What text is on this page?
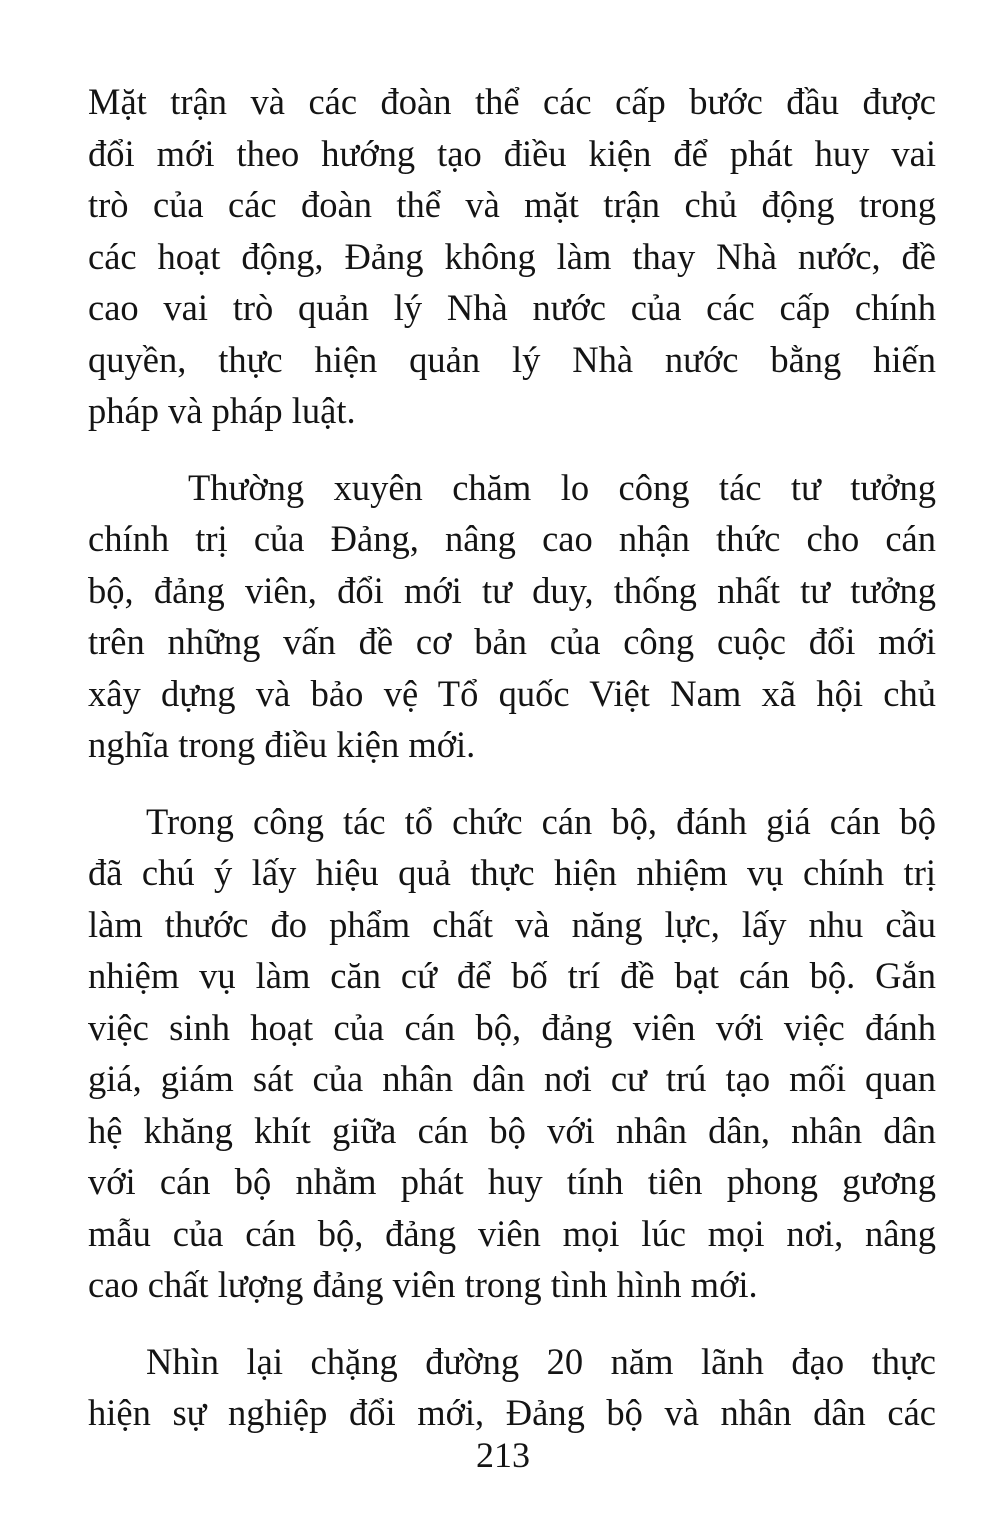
Mặt trận và các đoàn thể các cấp bước đầu được
đổi mới theo hướng tạo điều kiện để phát huy vai
trò của các đoàn thể và mặt trận chủ động trong
các hoạt động, Đảng không làm thay Nhà nước, đề
cao vai trò quản lý Nhà nước của các cấp chính
quyền, thực hiện quản lý Nhà nước bằng hiến
pháp và pháp luật.
Thường xuyên chăm lo công tác tư tưởng
chính trị của Đảng, nâng cao nhận thức cho cán
bộ, đảng viên, đổi mới tư duy, thống nhất tư tưởng
trên những vấn đề cơ bản của công cuộc đổi mới
xây dựng và bảo vệ Tổ quốc Việt Nam xã hội chủ
nghĩa trong điều kiện mới.
Trong công tác tổ chức cán bộ, đánh giá cán bộ
đã chú ý lấy hiệu quả thực hiện nhiệm vụ chính trị
làm thước đo phẩm chất và năng lực, lấy nhu cầu
nhiệm vụ làm căn cứ để bố trí đề bạt cán bộ. Gắn
việc sinh hoạt của cán bộ, đảng viên với việc đánh
giá, giám sát của nhân dân nơi cư trú tạo mối quan
hệ khăng khít giữa cán bộ với nhân dân, nhân dân
với cán bộ nhằm phát huy tính tiên phong gương
mẫu của cán bộ, đảng viên mọi lúc mọi nơi, nâng
cao chất lượng đảng viên trong tình hình mới.
Nhìn lại chặng đường 20 năm lãnh đạo thực
hiện sự nghiệp đổi mới, Đảng bộ và nhân dân các
213
